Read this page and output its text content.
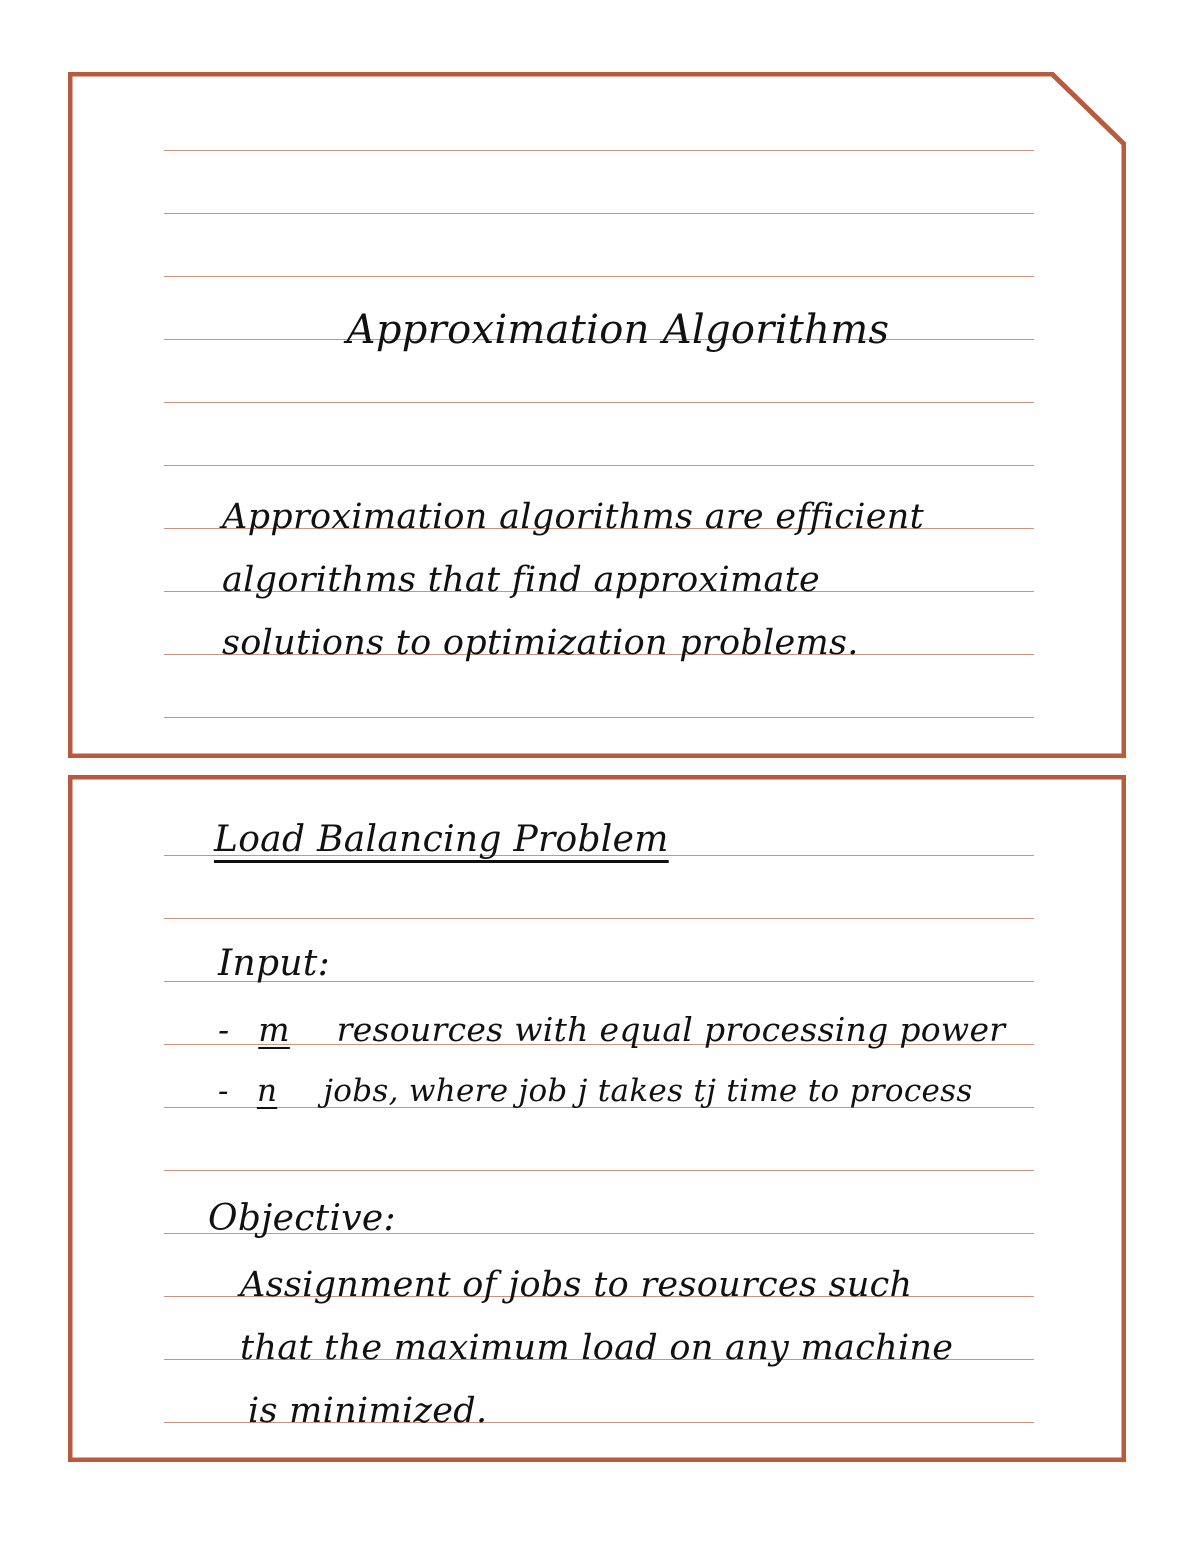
Approximation Algorithms
Approximation algorithms are efficient
algorithms that find approximate
solutions to optimization problems.
Load Balancing Problem
Input:
- m resources with equal processing power
- n jobs, where job j takes tj time to process
Objective:
Assignment of jobs to resources such
that the maximum load on any machine
is minimized.
